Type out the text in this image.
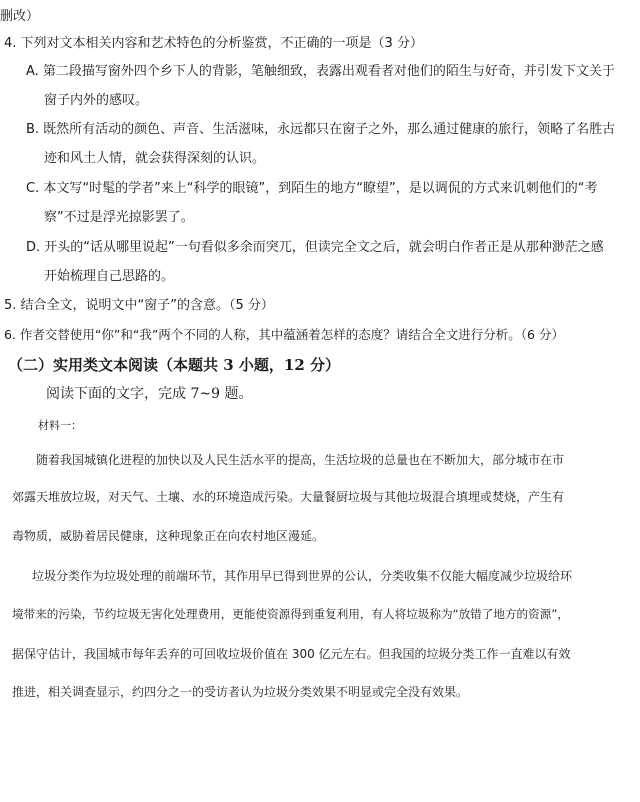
删改）
4. 下列对文本相关内容和艺术特色的分析鉴赏，不正确的一项是（3 分）
A. 第二段描写窗外四个乡下人的背影，笔触细致，表露出观看者对他们的陌生与好奇，并引发下文关于
窗子内外的感叹。
B. 既然所有活动的颜色、声音、生活滋味，永远都只在窗子之外，那么通过健康的旅行，领略了名胜古
迹和风土人情，就会获得深刻的认识。
C. 本文写“时髦的学者”来上“科学的眼镜”，到陌生的地方“瞭望”，是以调侃的方式来讥刺他们的“考
察”不过是浮光掠影罢了。
D. 开头的“话从哪里说起”一句看似多余而突兀，但读完全文之后，就会明白作者正是从那种渺茫之感
开始梳理自己思路的。
5. 结合全文，说明文中“窗子”的含意。（5 分）
6. 作者交替使用“你”和“我”两个不同的人称，其中蕴涵着怎样的态度？请结合全文进行分析。（6 分）
（二）实用类文本阅读（本题共 3 小题，12 分）
阅读下面的文字，完成 7~9 题。
材料一：
随着我国城镇化进程的加快以及人民生活水平的提高，生活垃圾的总量也在不断加大，部分城市在市
郊露天堆放垃圾，对天气、土壤、水的环境造成污染。大量餐厨垃圾与其他垃圾混合填埋或焚烧，产生有
毒物质，威胁着居民健康，这种现象正在向农村地区漫延。
垃圾分类作为垃圾处理的前端环节，其作用早已得到世界的公认，分类收集不仅能大幅度减少垃圾给环
境带来的污染，节约垃圾无害化处理费用，更能使资源得到重复利用，有人将垃圾称为“放错了地方的资源”，
据保守估计，我国城市每年丢弃的可回收垃圾价值在 300 亿元左右。但我国的垃圾分类工作一直难以有效
推进，相关调查显示，约四分之一的受访者认为垃圾分类效果不明显或完全没有效果。
